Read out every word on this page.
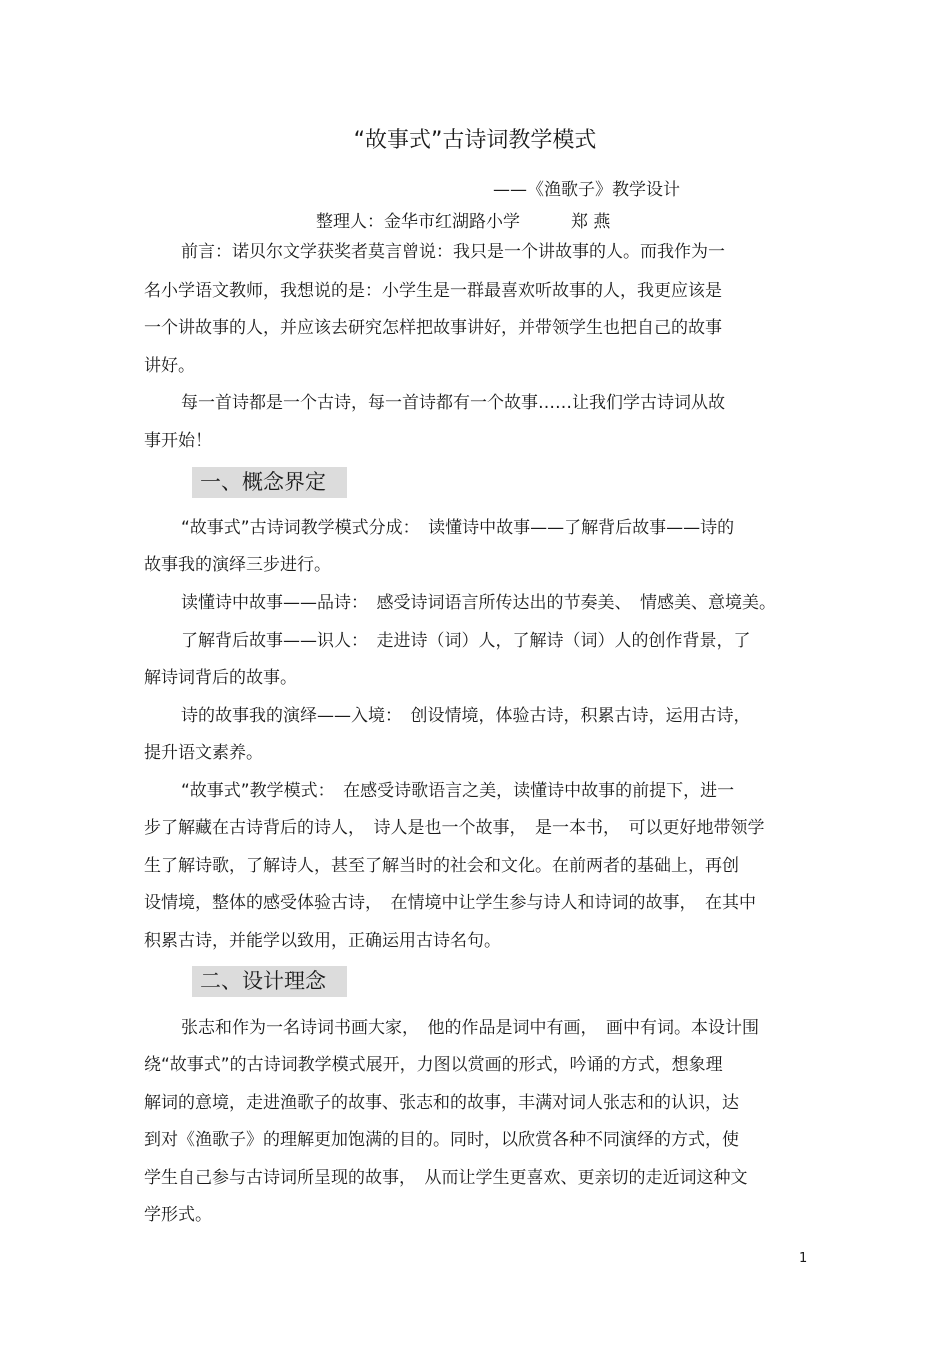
“故事式”古诗词教学模式
——《渔歌子》教学设计
整理人：金华市红湖路小学　　　郑 燕
前言：诺贝尔文学获奖者莫言曾说：我只是一个讲故事的人。而我作为一
名小学语文教师，我想说的是：小学生是一群最喜欢听故事的人，我更应该是
一个讲故事的人，并应该去研究怎样把故事讲好，并带领学生也把自己的故事
讲好。
每一首诗都是一个古诗，每一首诗都有一个故事……让我们学古诗词从故
事开始！
一、概念界定
“故事式”古诗词教学模式分成：　读懂诗中故事——了解背后故事——诗的
故事我的演绎三步进行。
读懂诗中故事——品诗：　感受诗词语言所传达出的节奏美、　情感美、意境美。
了解背后故事——识人：　走进诗（词）人，了解诗（词）人的创作背景，了
解诗词背后的故事。
诗的故事我的演绎——入境：　创设情境，体验古诗，积累古诗，运用古诗，
提升语文素养。
“故事式”教学模式：　在感受诗歌语言之美，读懂诗中故事的前提下，进一
步了解藏在古诗背后的诗人，　诗人是也一个故事，　是一本书，　可以更好地带领学
生了解诗歌，了解诗人，甚至了解当时的社会和文化。在前两者的基础上，再创
设情境，整体的感受体验古诗，　在情境中让学生参与诗人和诗词的故事，　在其中
积累古诗，并能学以致用，正确运用古诗名句。
二、设计理念
张志和作为一名诗词书画大家，　他的作品是词中有画，　画中有词。本设计围
绕“故事式”的古诗词教学模式展开，力图以赏画的形式，吟诵的方式，想象理
解词的意境，走进渔歌子的故事、张志和的故事，丰满对词人张志和的认识，达
到对《渔歌子》的理解更加饱满的目的。同时，以欣赏各种不同演绎的方式，使
学生自己参与古诗词所呈现的故事，　从而让学生更喜欢、更亲切的走近词这种文
学形式。
1
